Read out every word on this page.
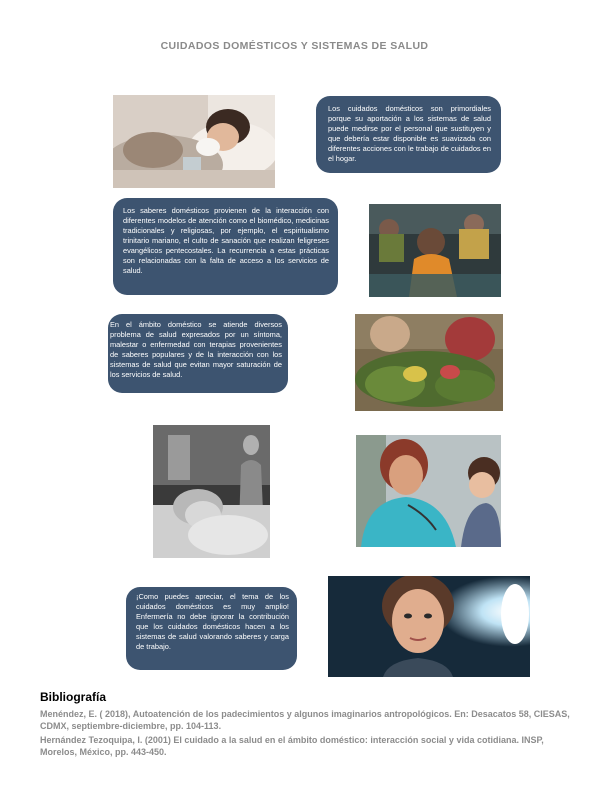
CUIDADOS DOMÉSTICOS Y SISTEMAS DE SALUD
Los cuidados domésticos son primordiales porque su aportación a los sistemas de salud puede medirse por el personal que sustituyen y que debería estar disponible es suavizada con diferentes acciones con le trabajo de cuidados en el hogar.
Los saberes domésticos provienen de la interacción con diferentes modelos de atención como el biomédico, medicinas tradicionales y religiosas, por ejemplo, el espiritualismo trinitario mariano, el culto de sanación que realizan feligreses evangélicos pentecostales. La recurrencia a estas prácticas son relacionadas con la falta de acceso a los servicios de salud.
En el ámbito doméstico se atiende diversos problema de salud expresados por un síntoma, malestar o enfermedad con terapias provenientes de saberes populares y de la interacción con los sistemas de salud que evitan mayor saturación de los servicios de salud.
¡Como puedes apreciar, el tema de los cuidados domésticos es muy amplio! Enfermería no debe ignorar la contribución que los cuidados domésticos hacen a los sistemas de salud valorando saberes y carga de trabajo.
Bibliografía
Menéndez, E. ( 2018), Autoatención de los padecimientos y algunos imaginarios antropológicos. En: Desacatos 58, CIESAS, CDMX, septiembre-diciembre, pp. 104-113.
Hernández Tezoquipa, I. (2001) El cuidado a la salud en el ámbito doméstico: interacción social y vida cotidiana. INSP, Morelos, México, pp. 443-450.
